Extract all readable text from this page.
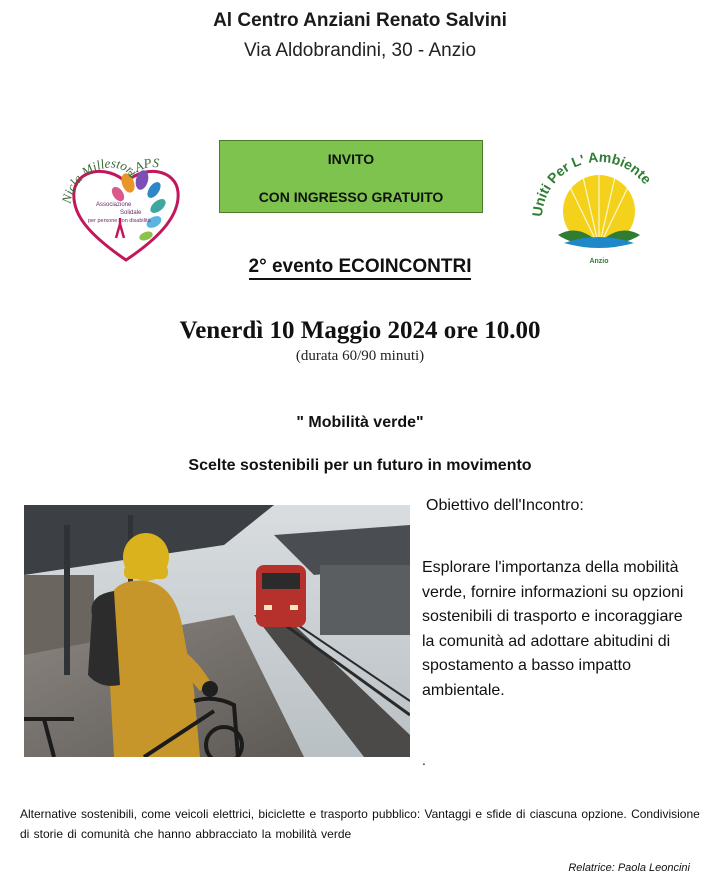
Al Centro Anziani Renato Salvini
Via Aldobrandini, 30 - Anzio
Nicla Millestorie APS
Associazione
Solidale
per persone con disabilità
INVITO
CON INGRESSO GRATUITO
Uniti Per L' Ambiente
Anzio
2° evento ECOINCONTRI
Venerdì 10 Maggio 2024 ore 10.00
(durata 60/90 minuti)
" Mobilità verde"
Scelte sostenibili per un futuro in movimento
Obiettivo dell'Incontro:
Esplorare l'importanza della mobilità verde, fornire informazioni su opzioni sostenibili di trasporto e incoraggiare la comunità ad adottare abitudini di spostamento a basso impatto ambientale.
.
Alternative sostenibili, come veicoli elettrici, biciclette e trasporto pubblico: Vantaggi e sfide di ciascuna opzione. Condivisione di storie di comunità che hanno abbracciato la mobilità verde
Relatrice: Paola Leoncini
